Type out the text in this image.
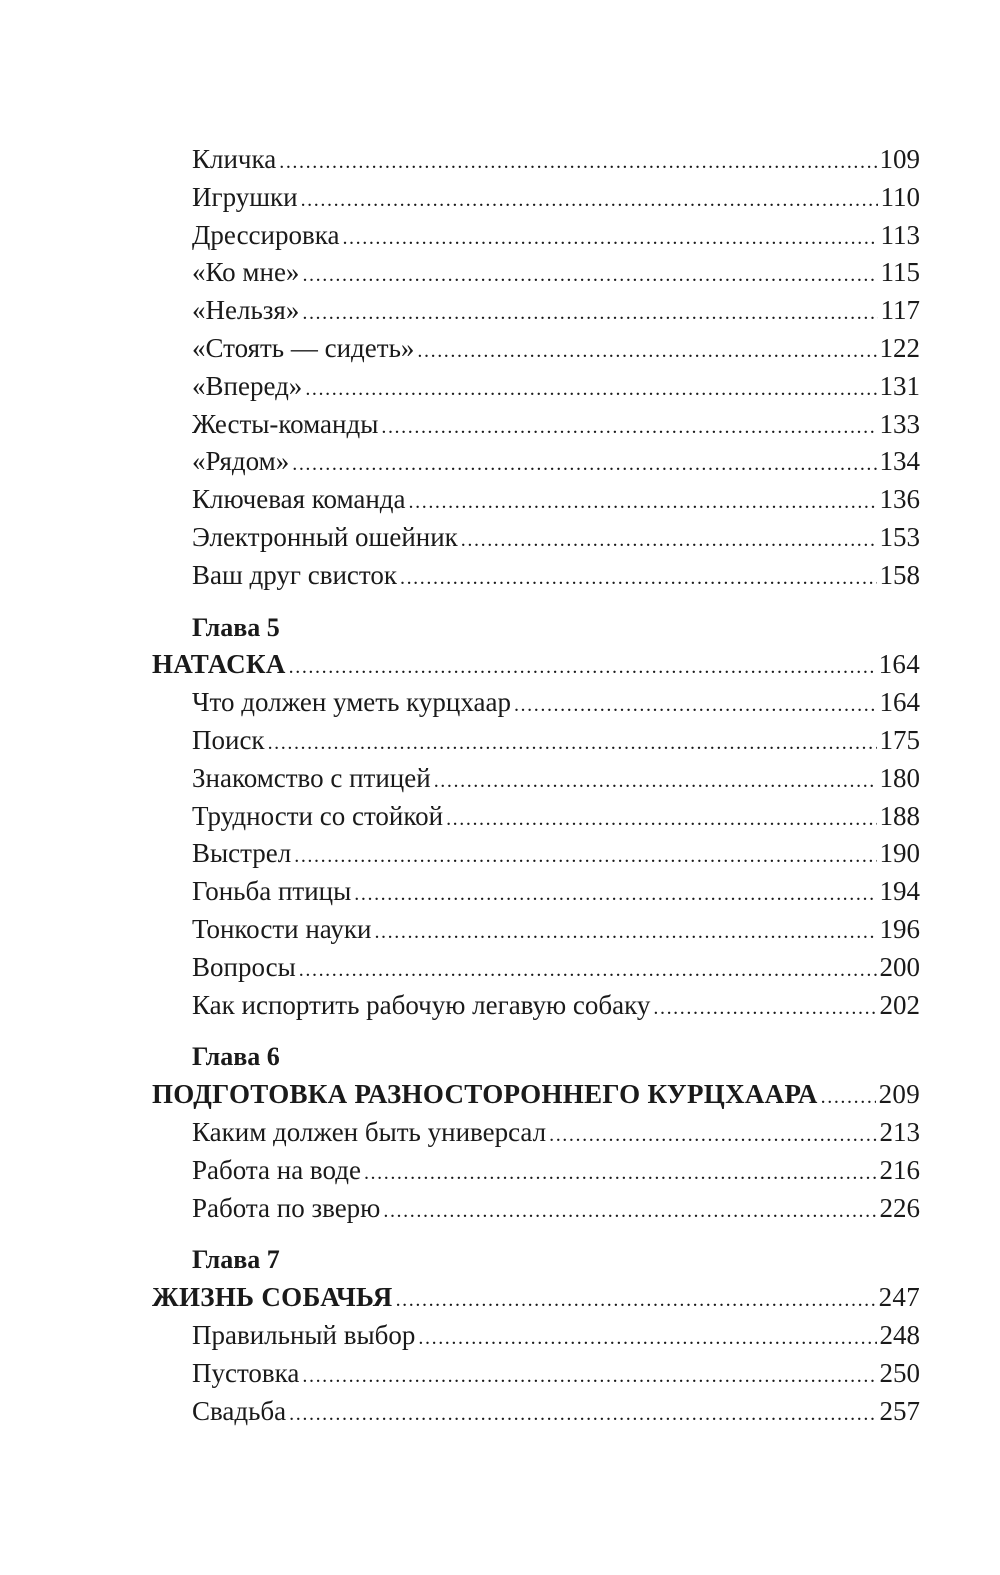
Кличка .....	109
Игрушки .....	110
Дрессировка .....	113
«Ко мне» .....	115
«Нельзя» .....	117
«Стоять — сидеть» .....	122
«Вперед» .....	131
Жесты-команды .....	133
«Рядом» .....	134
Ключевая команда .....	136
Электронный ошейник .....	153
Ваш друг свисток .....	158
Глава 5
НАТАСКА .....	164
Что должен уметь курцхаар .....	164
Поиск .....	175
Знакомство с птицей .....	180
Трудности со стойкой .....	188
Выстрел .....	190
Гоньба птицы .....	194
Тонкости науки .....	196
Вопросы .....	200
Как испортить рабочую легавую собаку .....	202
Глава 6
ПОДГОТОВКА РАЗНОСТОРОННЕГО КУРЦХААРА ..... 209
Каким должен быть универсал .....	213
Работа на воде .....	216
Работа по зверю .....	226
Глава 7
ЖИЗНЬ СОБАЧЬЯ .....	247
Правильный выбор .....	248
Пустовка .....	250
Свадьба .....	257
